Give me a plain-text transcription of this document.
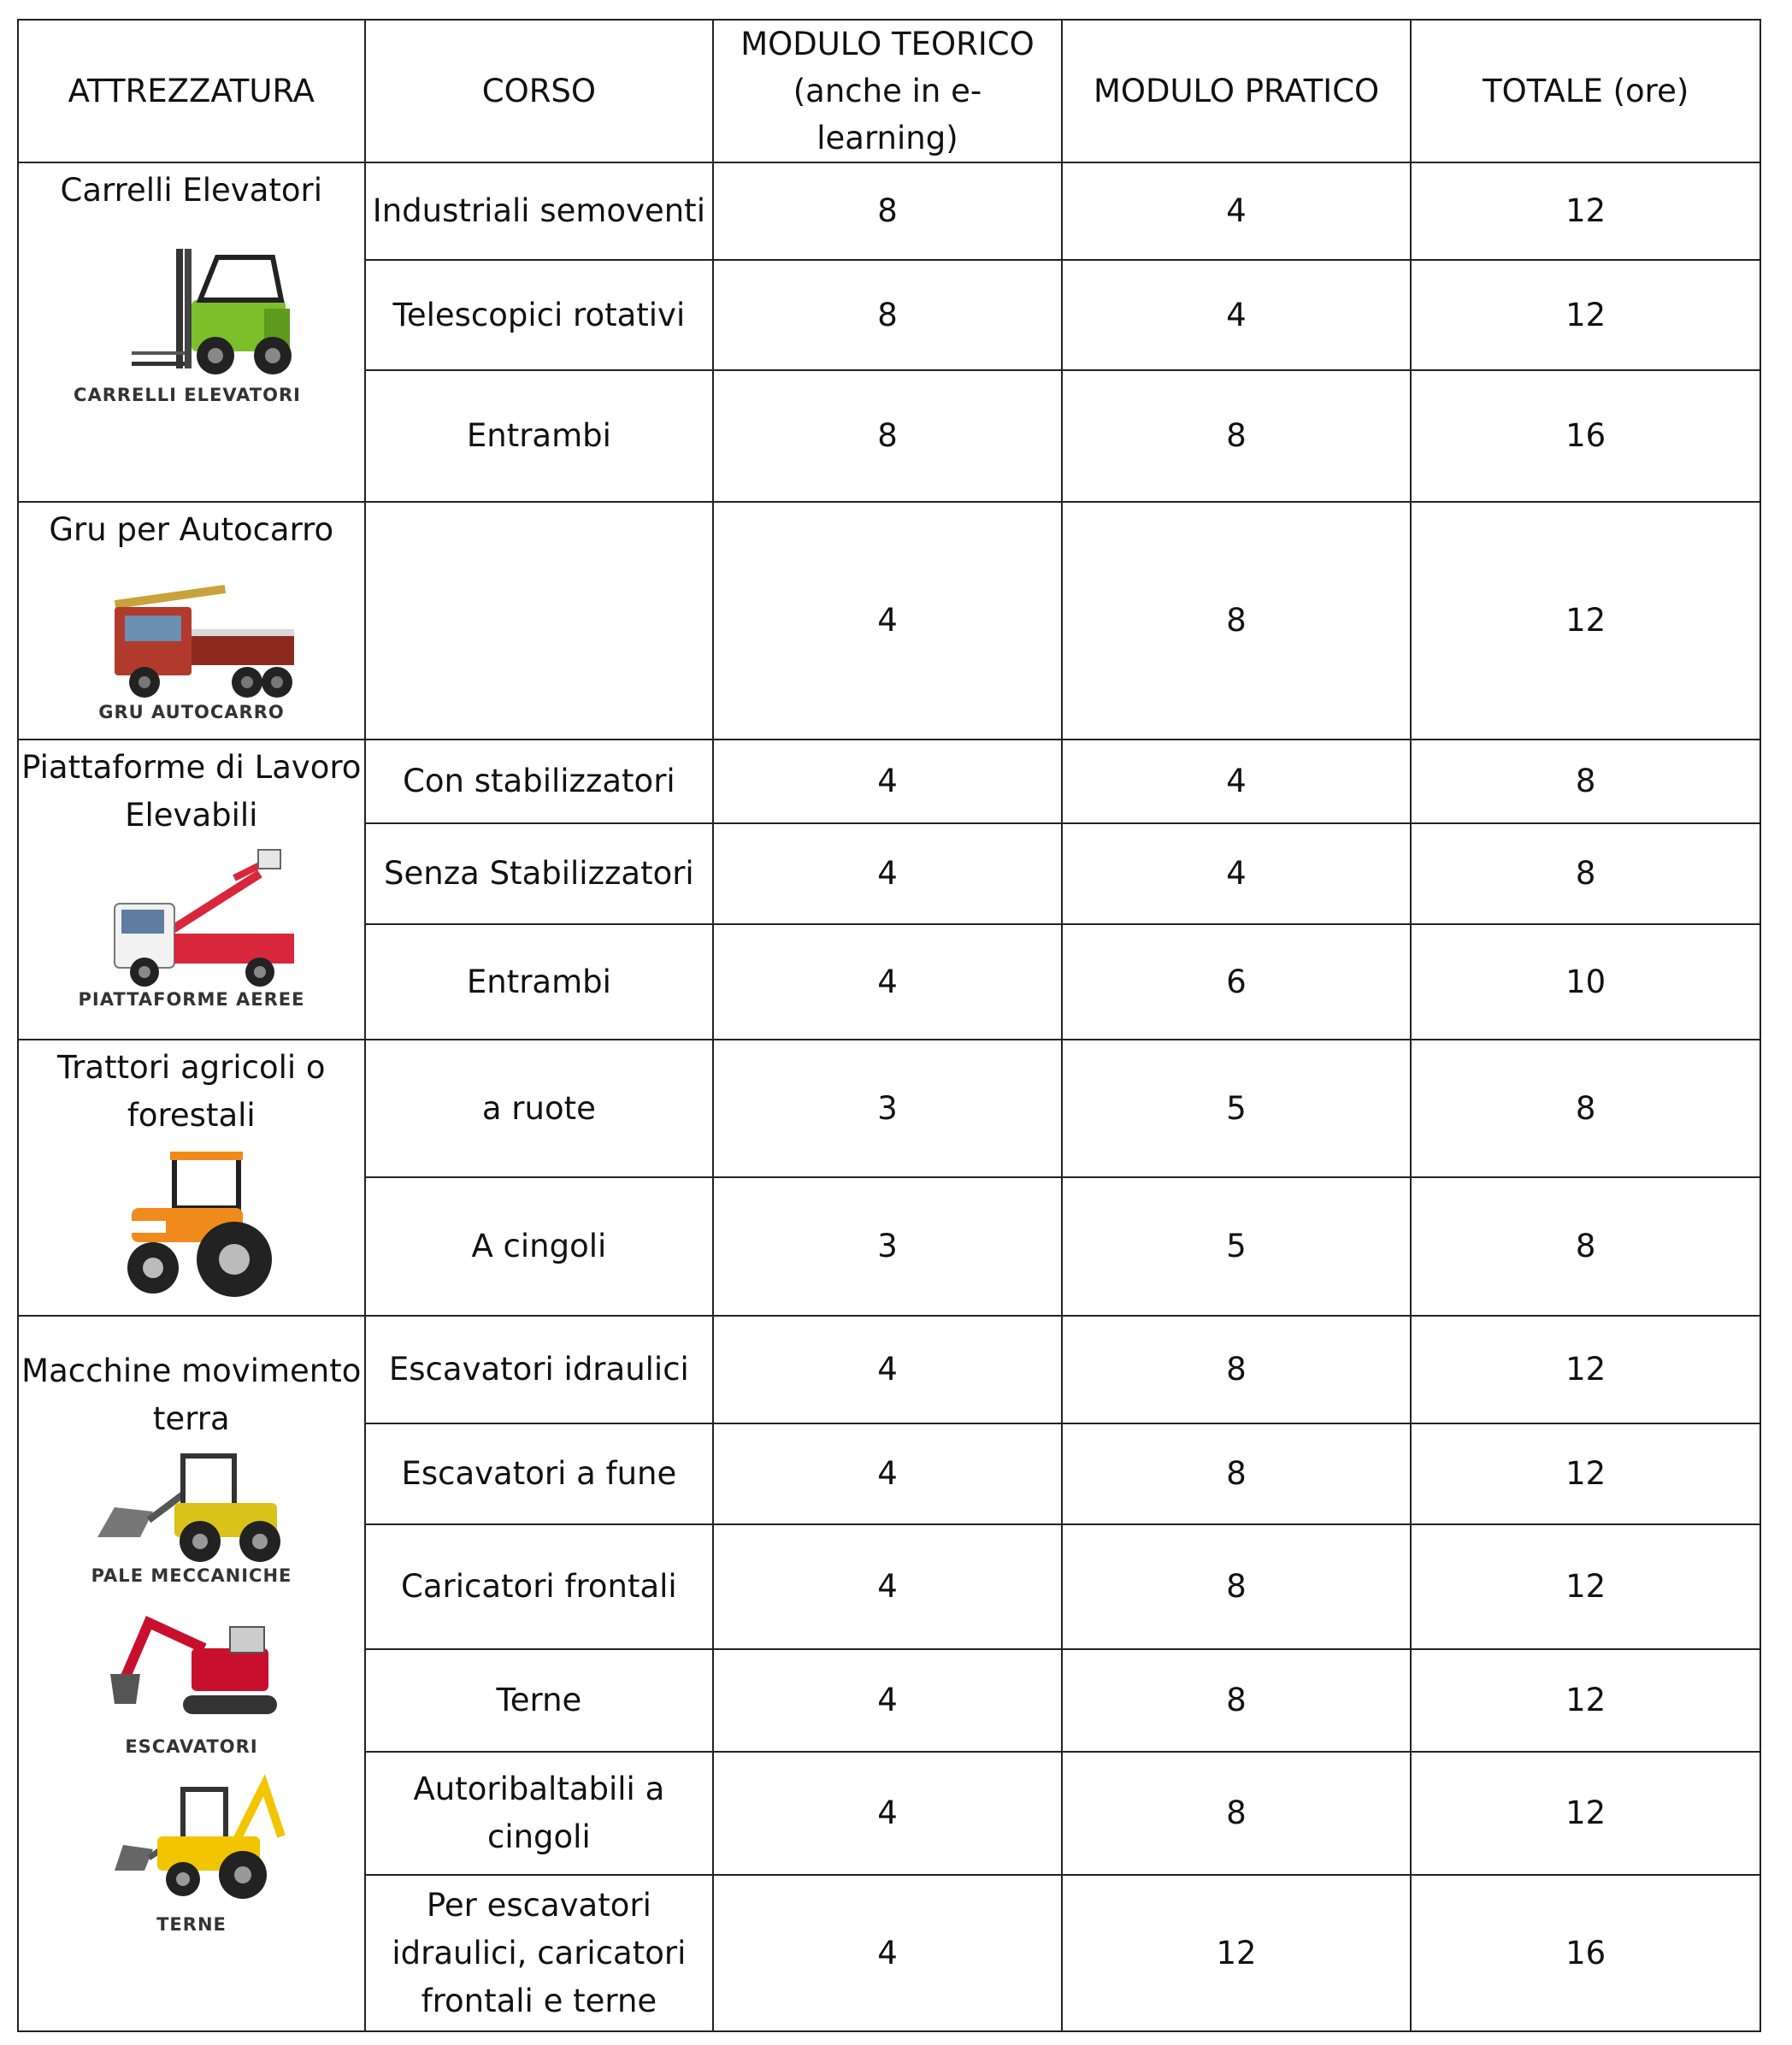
ATTREZZATURA	CORSO	MODULO TEORICO (anche in e-learning)	MODULO PRATICO	TOTALE (ore)

Carrelli Elevatori
CARRELLI ELEVATORI	Industriali semoventi	8	4	12
	Telescopici rotativi	8	4	12
	Entrambi	8	8	16

Gru per Autocarro
GRU AUTOCARRO		4	8	12

Piattaforme di Lavoro Elevabili
PIATTAFORME AEREE	Con stabilizzatori	4	4	8
	Senza Stabilizzatori	4	4	8
	Entrambi	4	6	10

Trattori agricoli o forestali	a ruote	3	5	8
	A cingoli	3	5	8

Macchine movimento terra
PALE MECCANICHE
ESCAVATORI
TERNE	Escavatori idraulici	4	8	12
	Escavatori a fune	4	8	12
	Caricatori frontali	4	8	12
	Terne	4	8	12
	Autoribaltabili a cingoli	4	8	12
	Per escavatori idraulici, caricatori frontali e terne	4	12	16
